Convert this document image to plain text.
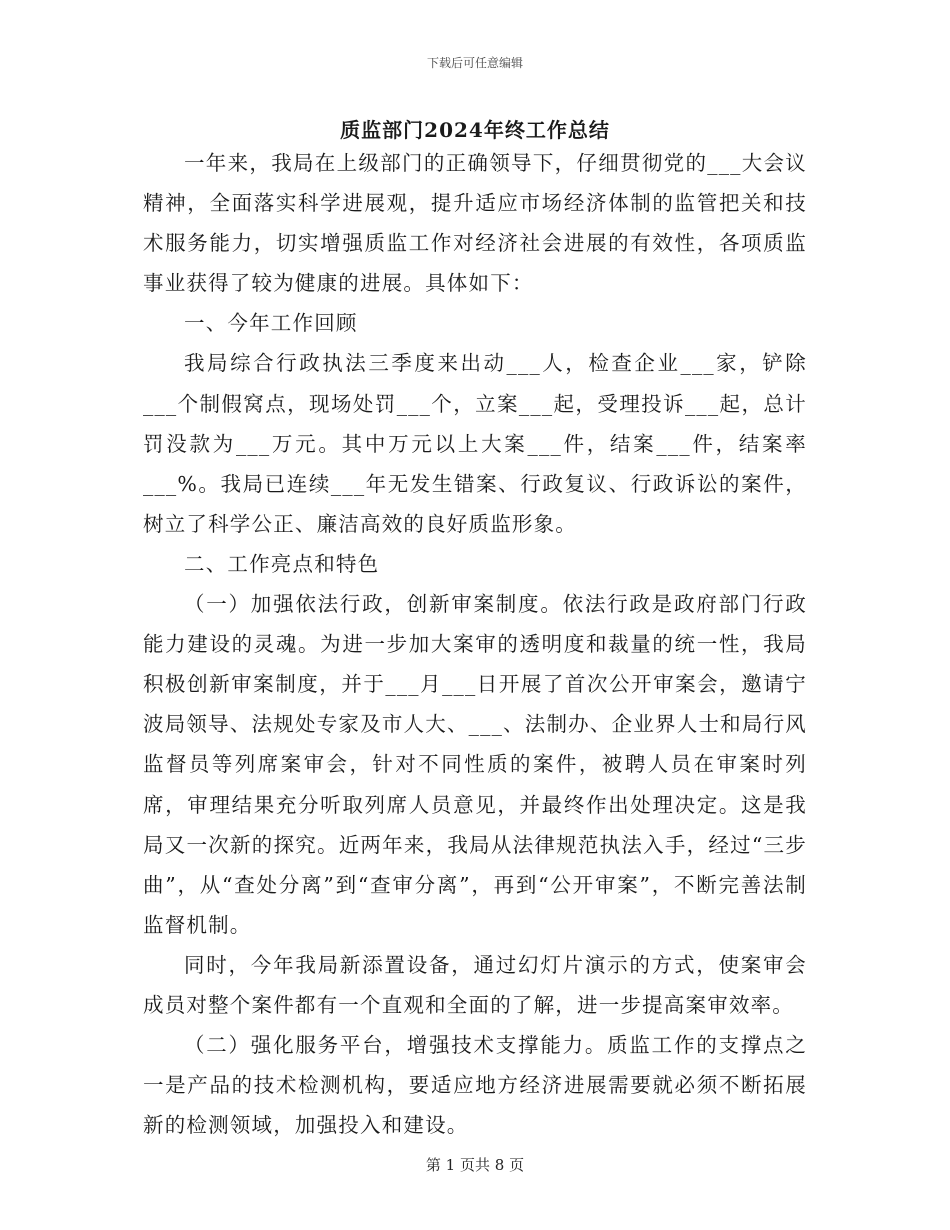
下载后可任意编辑
质监部门2024年终工作总结

一年来，我局在上级部门的正确领导下，仔细贯彻党的___大会议精神，全面落实科学进展观，提升适应市场经济体制的监管把关和技术服务能力，切实增强质监工作对经济社会进展的有效性，各项质监事业获得了较为健康的进展。具体如下：

一、今年工作回顾

我局综合行政执法三季度来出动___人，检查企业___家，铲除___个制假窝点，现场处罚___个，立案___起，受理投诉___起，总计罚没款为___万元。其中万元以上大案___件，结案___件，结案率___%。我局已连续___年无发生错案、行政复议、行政诉讼的案件，树立了科学公正、廉洁高效的良好质监形象。

二、工作亮点和特色

（一）加强依法行政，创新审案制度。依法行政是政府部门行政能力建设的灵魂。为进一步加大案审的透明度和裁量的统一性，我局积极创新审案制度，并于___月___日开展了首次公开审案会，邀请宁波局领导、法规处专家及市人大、___、法制办、企业界人士和局行风监督员等列席案审会，针对不同性质的案件，被聘人员在审案时列席，审理结果充分听取列席人员意见，并最终作出处理决定。这是我局又一次新的探究。近两年来，我局从法律规范执法入手，经过“三步曲”，从“查处分离”到“查审分离”，再到“公开审案”，不断完善法制监督机制。

同时，今年我局新添置设备，通过幻灯片演示的方式，使案审会成员对整个案件都有一个直观和全面的了解，进一步提高案审效率。

（二）强化服务平台，增强技术支撑能力。质监工作的支撑点之一是产品的技术检测机构，要适应地方经济进展需要就必须不断拓展新的检测领域，加强投入和建设。

第 1 页共 8 页
